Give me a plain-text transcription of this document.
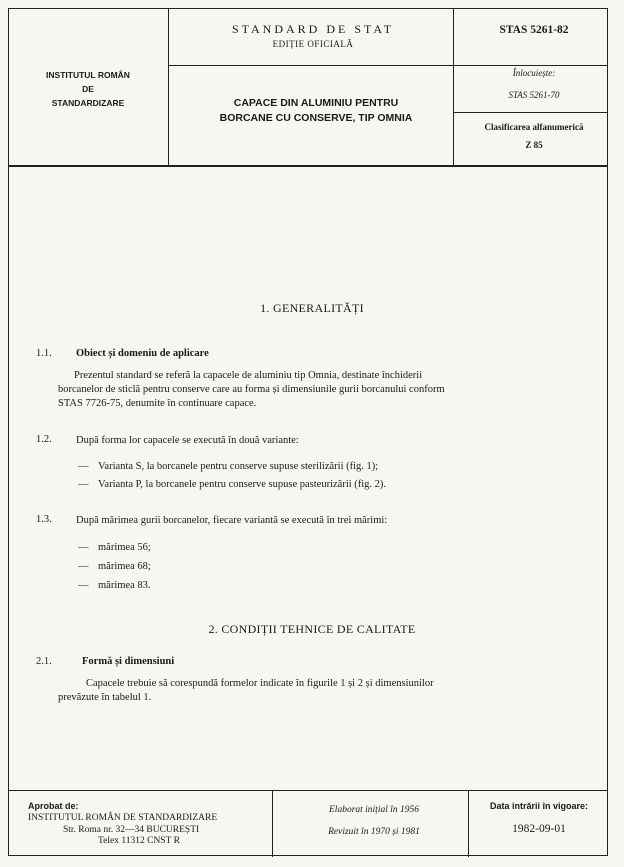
INSTITUTUL ROMÂN
DE
STANDARDIZARE
STANDARD DE STAT
EDIȚIE OFICIALĂ
CAPACE DIN ALUMINIU PENTRU
BORCANE CU CONSERVE, TIP OMNIA
STAS 5261-82
Înlocuiește:
STAS 5261-70
Clasificarea alfanumerică
Z 85
1. GENERALITĂȚI
1.1. Obiect și domeniu de aplicare
Prezentul standard se referă la capacele de aluminiu tip Omnia, destinate închiderii
borcanelor de sticlă pentru conserve care au forma și dimensiunile gurii borcanului conform
STAS 7726-75, denumite în continuare capace.
1.2. După forma lor capacele se execută în două variante:
— Varianta S, la borcanele pentru conserve supuse sterilizării (fig. 1);
— Varianta P, la borcanele pentru conserve supuse pasteurizării (fig. 2).
1.3. După mărimea gurii borcanelor, fiecare variantă se execută în trei mărimi:
— mărimea 56;
— mărimea 68;
— mărimea 83.
2. CONDIȚII TEHNICE DE CALITATE
2.1.	Formă și dimensiuni
Capacele trebuie să corespundă formelor indicate în figurile 1 și 2 și dimensiunilor
prevăzute în tabelul 1.
Aprobat de:
INSTITUTUL ROMÂN DE STANDARDIZARE
Str. Roma nr. 32—34 BUCUREȘTI
Telex 11312 CNST R
Elaborat inițial în 1956
Revizuit în 1970 și 1981
Data intrării în vigoare:
1982-09-01
